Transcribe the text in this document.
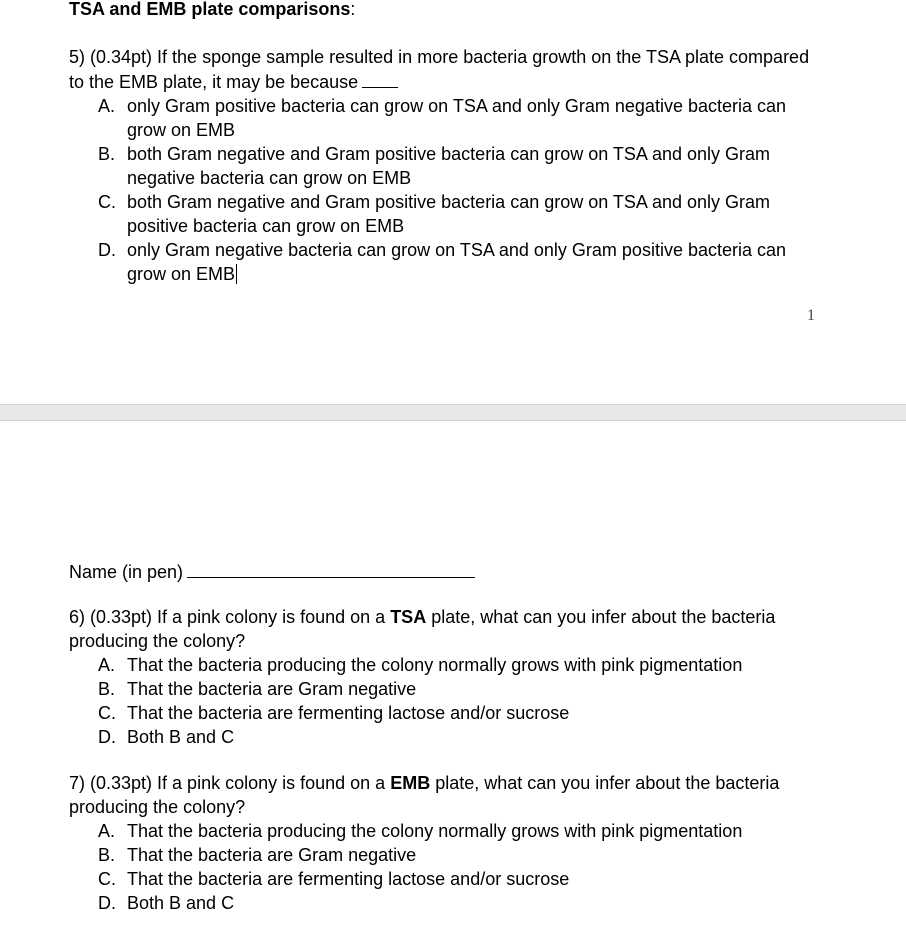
TSA and EMB plate comparisons:

5) (0.34pt) If the sponge sample resulted in more bacteria growth on the TSA plate compared to the EMB plate, it may be because

A. only Gram positive bacteria can grow on TSA and only Gram negative bacteria can grow on EMB
B. both Gram negative and Gram positive bacteria can grow on TSA and only Gram negative bacteria can grow on EMB
C. both Gram negative and Gram positive bacteria can grow on TSA and only Gram positive bacteria can grow on EMB
D. only Gram negative bacteria can grow on TSA and only Gram positive bacteria can grow on EMB
1
Name (in pen)

6) (0.33pt) If a pink colony is found on a TSA plate, what can you infer about the bacteria producing the colony?

A. That the bacteria producing the colony normally grows with pink pigmentation
B. That the bacteria are Gram negative
C. That the bacteria are fermenting lactose and/or sucrose
D. Both B and C

7) (0.33pt) If a pink colony is found on a EMB plate, what can you infer about the bacteria producing the colony?

A. That the bacteria producing the colony normally grows with pink pigmentation
B. That the bacteria are Gram negative
C. That the bacteria are fermenting lactose and/or sucrose
D. Both B and C
